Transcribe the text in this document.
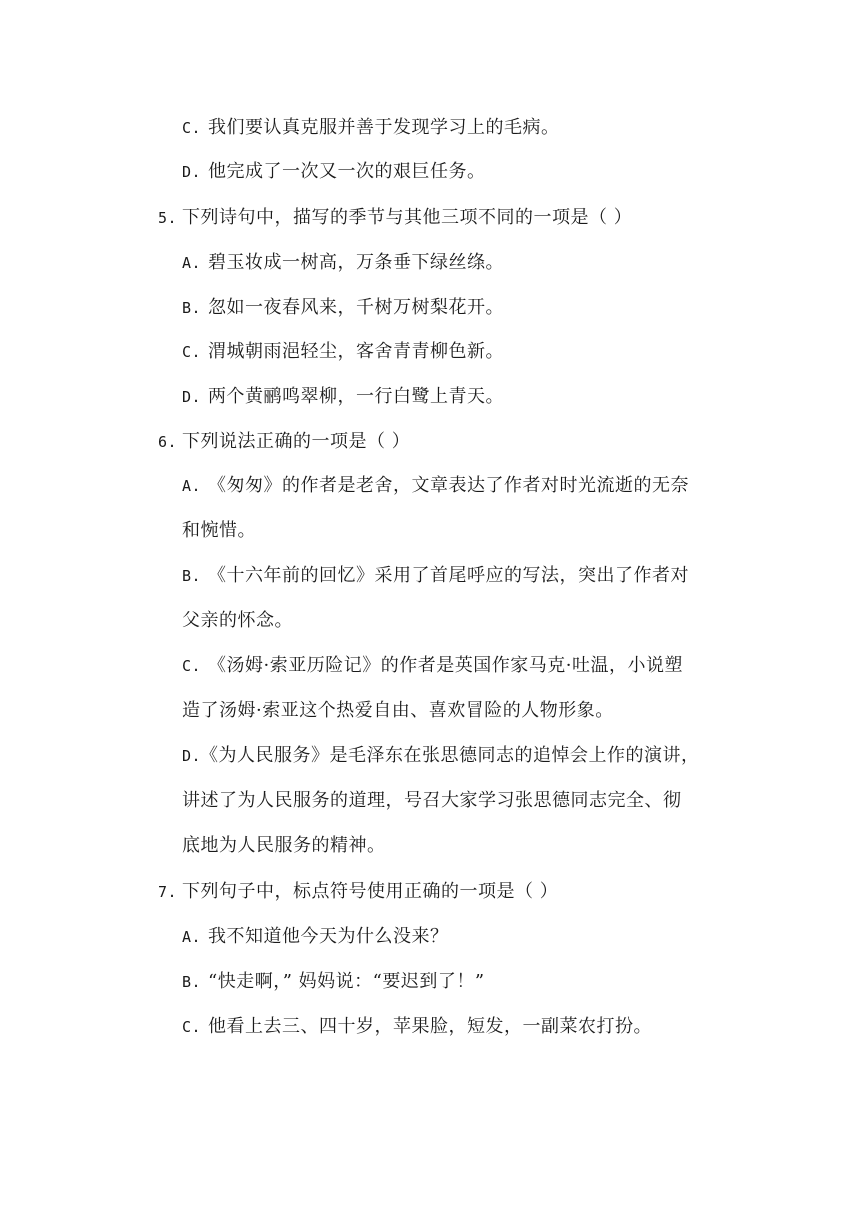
C. 我们要认真克服并善于发现学习上的毛病。
D. 他完成了一次又一次的艰巨任务。
5. 下列诗句中，描写的季节与其他三项不同的一项是（ ）
A. 碧玉妆成一树高，万条垂下绿丝绦。
B. 忽如一夜春风来，千树万树梨花开。
C. 渭城朝雨浥轻尘，客舍青青柳色新。
D. 两个黄鹂鸣翠柳，一行白鹭上青天。
6. 下列说法正确的一项是（ ）
A. 《匆匆》的作者是老舍，文章表达了作者对时光流逝的无奈
和惋惜。
B. 《十六年前的回忆》采用了首尾呼应的写法，突出了作者对
父亲的怀念。
C. 《汤姆·索亚历险记》的作者是英国作家马克·吐温，小说塑
造了汤姆·索亚这个热爱自由、喜欢冒险的人物形象。
D.《为人民服务》是毛泽东在张思德同志的追悼会上作的演讲，
讲述了为人民服务的道理，号召大家学习张思德同志完全、彻
底地为人民服务的精神。
7. 下列句子中，标点符号使用正确的一项是（ ）
A. 我不知道他今天为什么没来？
B. “快走啊，” 妈妈说：“要迟到了！”
C. 他看上去三、四十岁，苹果脸，短发，一副菜农打扮。
